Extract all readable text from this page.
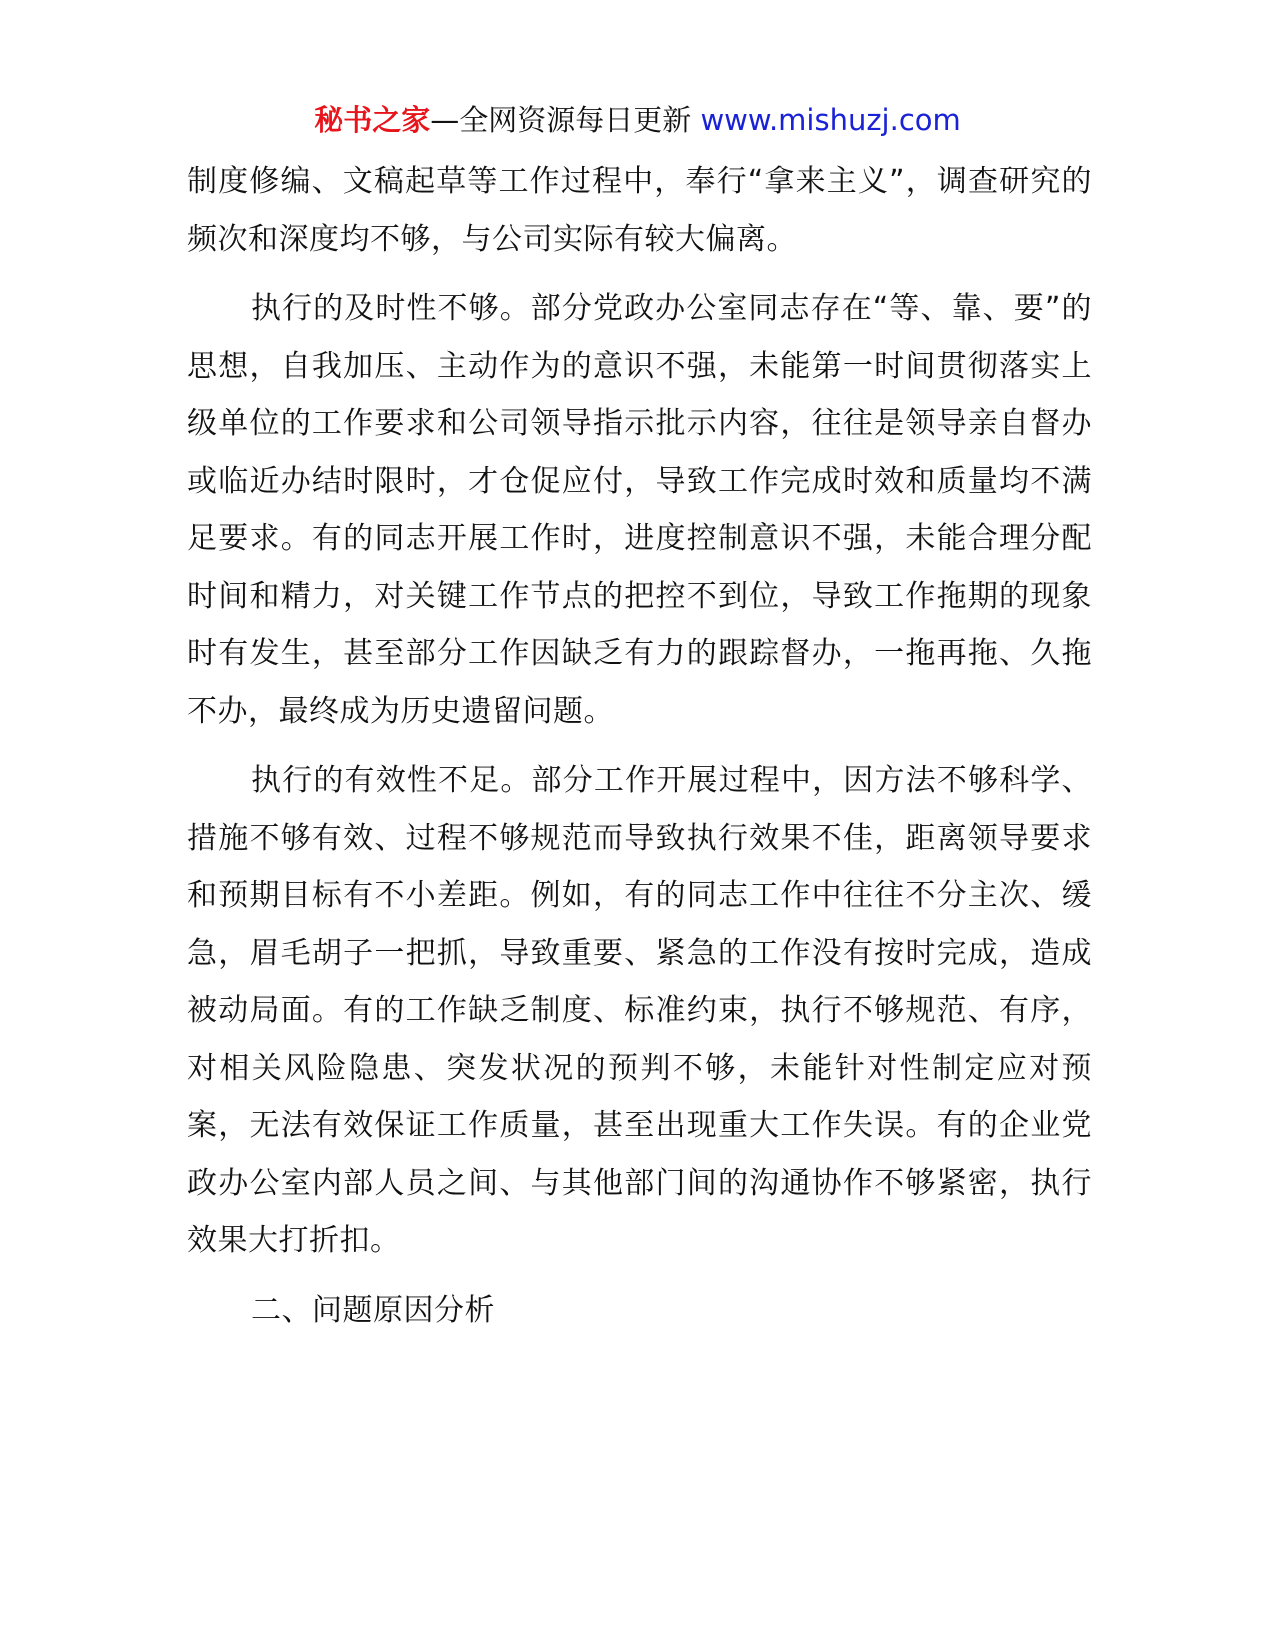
秘书之家—全网资源每日更新 www.mishuzj.com

制度修编、文稿起草等工作过程中，奉行“拿来主义”，调查研究的频次和深度均不够，与公司实际有较大偏离。

执行的及时性不够。部分党政办公室同志存在“等、靠、要”的思想，自我加压、主动作为的意识不强，未能第一时间贯彻落实上级单位的工作要求和公司领导指示批示内容，往往是领导亲自督办或临近办结时限时，才仓促应付，导致工作完成时效和质量均不满足要求。有的同志开展工作时，进度控制意识不强，未能合理分配时间和精力，对关键工作节点的把控不到位，导致工作拖期的现象时有发生，甚至部分工作因缺乏有力的跟踪督办，一拖再拖、久拖不办，最终成为历史遗留问题。

执行的有效性不足。部分工作开展过程中，因方法不够科学、措施不够有效、过程不够规范而导致执行效果不佳，距离领导要求和预期目标有不小差距。例如，有的同志工作中往往不分主次、缓急，眉毛胡子一把抓，导致重要、紧急的工作没有按时完成，造成被动局面。有的工作缺乏制度、标准约束，执行不够规范、有序，对相关风险隐患、突发状况的预判不够，未能针对性制定应对预案，无法有效保证工作质量，甚至出现重大工作失误。有的企业党政办公室内部人员之间、与其他部门间的沟通协作不够紧密，执行效果大打折扣。

二、问题原因分析
